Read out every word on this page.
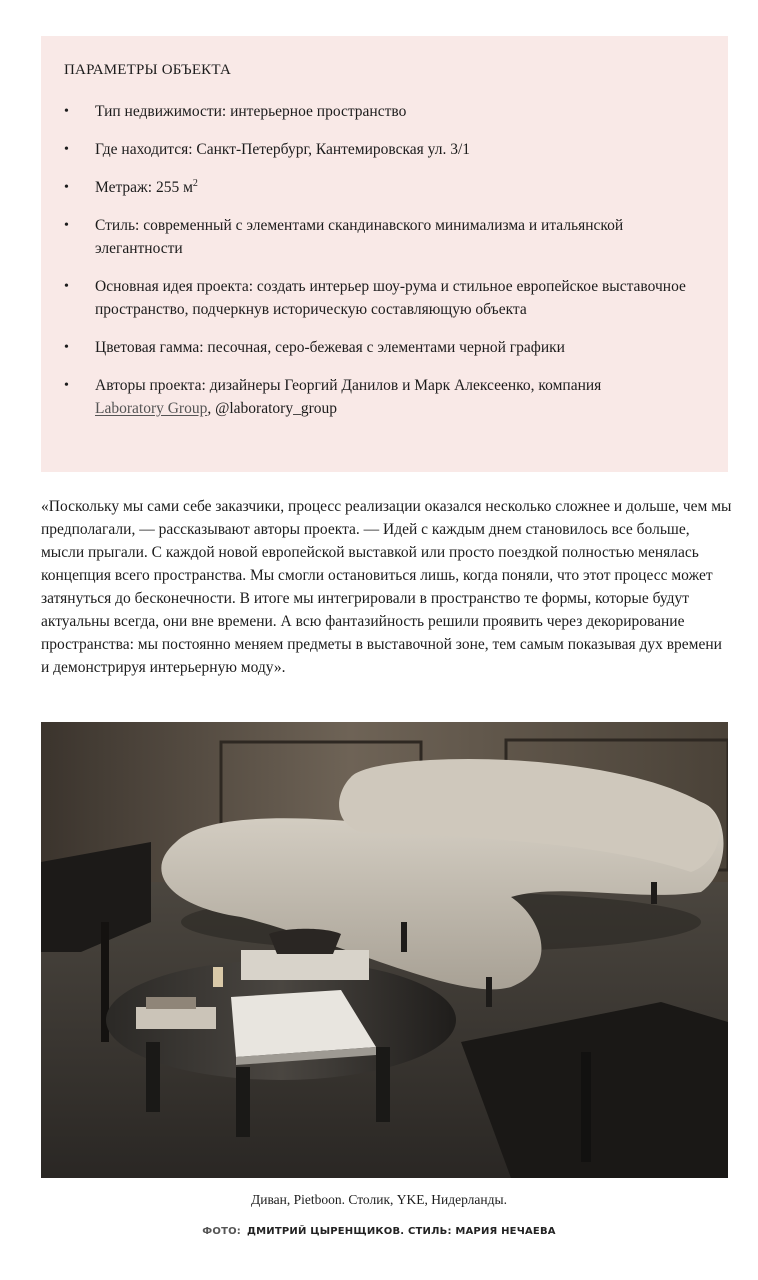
ПАРАМЕТРЫ ОБЪЕКТА
• Тип недвижимости: интерьерное пространство
• Где находится: Санкт-Петербург, Кантемировская ул. 3/1
• Метраж: 255 $м^2$
• Стиль: современный с элементами скандинавского минимализма и итальянской элегантности
• Основная идея проекта: создать интерьер шоу-рума и стильное европейское выставочное пространство, подчеркнув историческую составляющую объекта
• Цветовая гамма: песочная, серо-бежевая с элементами черной графики
• Авторы проекта: дизайнеры Георгий Данилов и Марк Алексеенко, компания
Laboratory Group, @laboratory_group

«Поскольку мы сами себе заказчики, процесс реализации оказался несколько сложнее и дольше, чем мы предполагали, — рассказывают авторы проекта. — Идей с каждым днем становилось все больше, мысли прыгали. С каждой новой европейской выставкой или просто поездкой полностью менялась концепция всего пространства. Мы смогли остановиться лишь, когда поняли, что этот процесс может затянуться до бесконечности. В итоге мы интегрировали в пространство те формы, которые будут актуальны всегда, они вне времени. А всю фантазийность решили проявить через декорирование пространства: мы постоянно меняем предметы в выставочной зоне, тем самым показывая дух времени и демонстрируя интерьерную моду».

Диван, Pietboon. Столик, YKE, Нидерланды.

ФОТО: ДМИТРИЙ ЦЫРЕНЩИКОВ. СТИЛЬ: МАРИЯ НЕЧАЕВА
